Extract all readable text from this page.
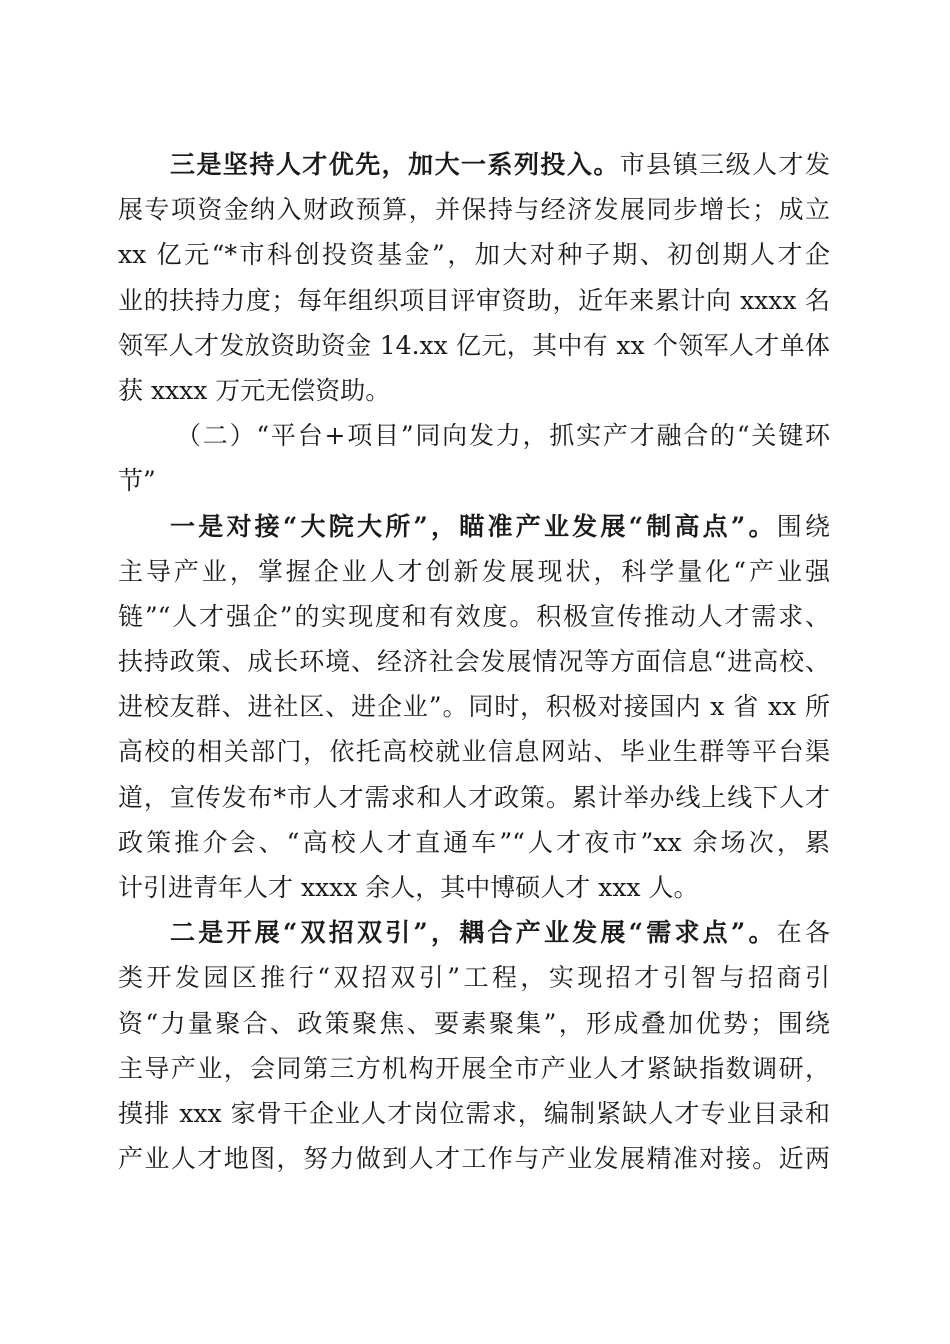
三是坚持人才优先，加大一系列投入。市县镇三级人才发
展专项资金纳入财政预算，并保持与经济发展同步增长；成立
xx 亿元“*市科创投资基金”，加大对种子期、初创期人才企
业的扶持力度；每年组织项目评审资助，近年来累计向 xxxx 名
领军人才发放资助资金 14.xx 亿元，其中有 xx 个领军人才单体
获 xxxx 万元无偿资助。
（二）“平台+项目”同向发力，抓实产才融合的“关键环
节”
一是对接“大院大所”，瞄准产业发展“制高点”。围绕
主导产业，掌握企业人才创新发展现状，科学量化“产业强
链”“人才强企”的实现度和有效度。积极宣传推动人才需求、
扶持政策、成长环境、经济社会发展情况等方面信息“进高校、
进校友群、进社区、进企业”。同时，积极对接国内 x 省 xx 所
高校的相关部门，依托高校就业信息网站、毕业生群等平台渠
道，宣传发布*市人才需求和人才政策。累计举办线上线下人才
政策推介会、“高校人才直通车”“人才夜市”xx 余场次，累
计引进青年人才 xxxx 余人，其中博硕人才 xxx 人。
二是开展“双招双引”，耦合产业发展“需求点”。在各
类开发园区推行“双招双引”工程，实现招才引智与招商引
资“力量聚合、政策聚焦、要素聚集”，形成叠加优势；围绕
主导产业，会同第三方机构开展全市产业人才紧缺指数调研，
摸排 xxx 家骨干企业人才岗位需求，编制紧缺人才专业目录和
产业人才地图，努力做到人才工作与产业发展精准对接。近两
